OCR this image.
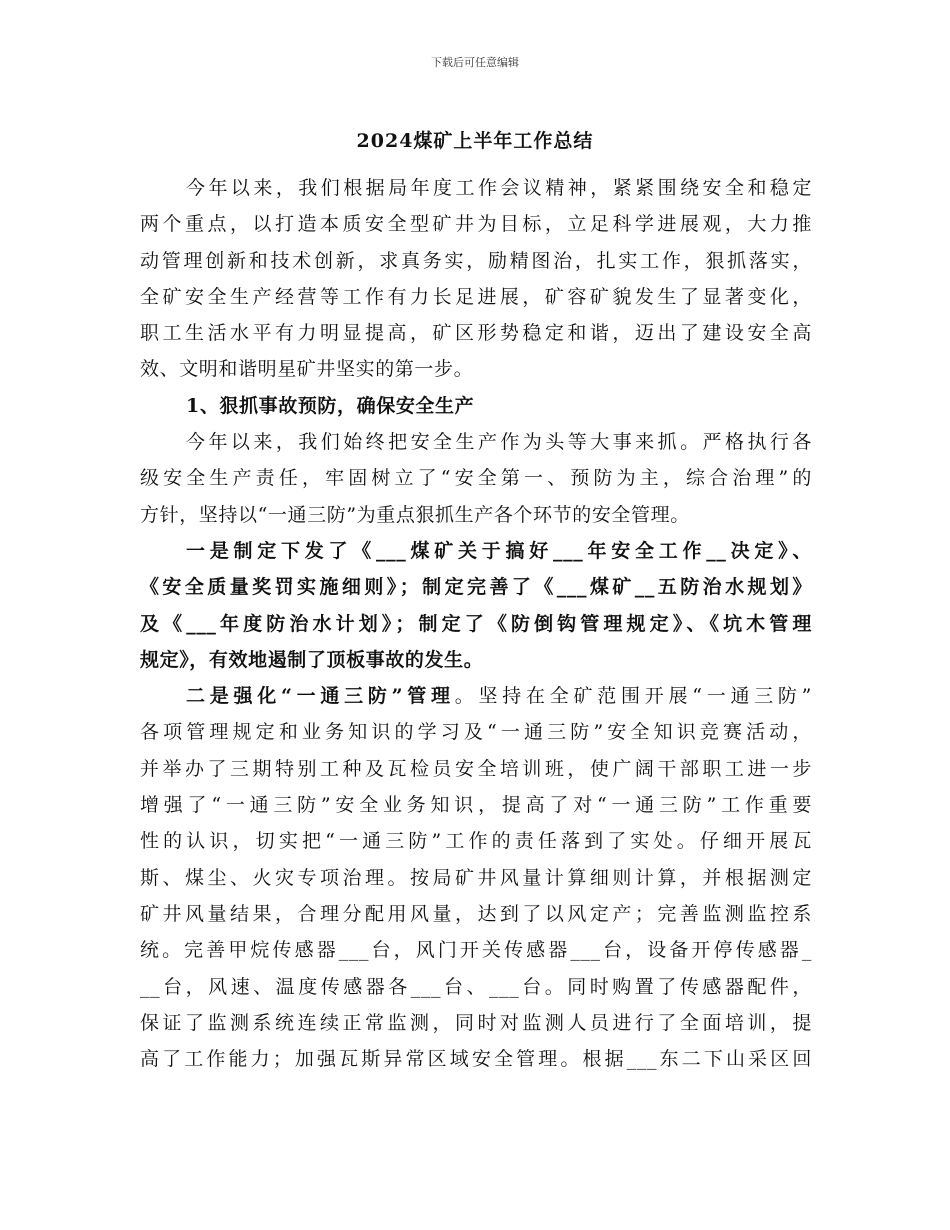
下载后可任意编辑
2024煤矿上半年工作总结
今年以来，我们根据局年度工作会议精神，紧紧围绕安全和稳定
两个重点，以打造本质安全型矿井为目标，立足科学进展观，大力推
动管理创新和技术创新，求真务实，励精图治，扎实工作，狠抓落实，
全矿安全生产经营等工作有力长足进展，矿容矿貌发生了显著变化，
职工生活水平有力明显提高，矿区形势稳定和谐，迈出了建设安全高
效、文明和谐明星矿井坚实的第一步。
1、狠抓事故预防，确保安全生产
今年以来，我们始终把安全生产作为头等大事来抓。严格执行各
级安全生产责任，牢固树立了“安全第一、预防为主，综合治理”的
方针，坚持以“一通三防”为重点狠抓生产各个环节的安全管理。
一是制定下发了《___煤矿关于搞好___年安全工作__决定》、
《安全质量奖罚实施细则》；制定完善了《___煤矿__五防治水规划》
及《___年度防治水计划》；制定了《防倒钩管理规定》、《坑木管理
规定》，有效地遏制了顶板事故的发生。
二是强化“一通三防”管理。坚持在全矿范围开展“一通三防”
各项管理规定和业务知识的学习及“一通三防”安全知识竞赛活动，
并举办了三期特别工种及瓦检员安全培训班，使广阔干部职工进一步
增强了“一通三防”安全业务知识，提高了对“一通三防”工作重要
性的认识，切实把“一通三防”工作的责任落到了实处。仔细开展瓦
斯、煤尘、火灾专项治理。按局矿井风量计算细则计算，并根据测定
矿井风量结果，合理分配用风量，达到了以风定产；完善监测监控系
统。完善甲烷传感器___台，风门开关传感器___台，设备开停传感器_
__台，风速、温度传感器各___台、___台。同时购置了传感器配件，
保证了监测系统连续正常监测，同时对监测人员进行了全面培训，提
高了工作能力；加强瓦斯异常区域安全管理。根据___东二下山采区回
